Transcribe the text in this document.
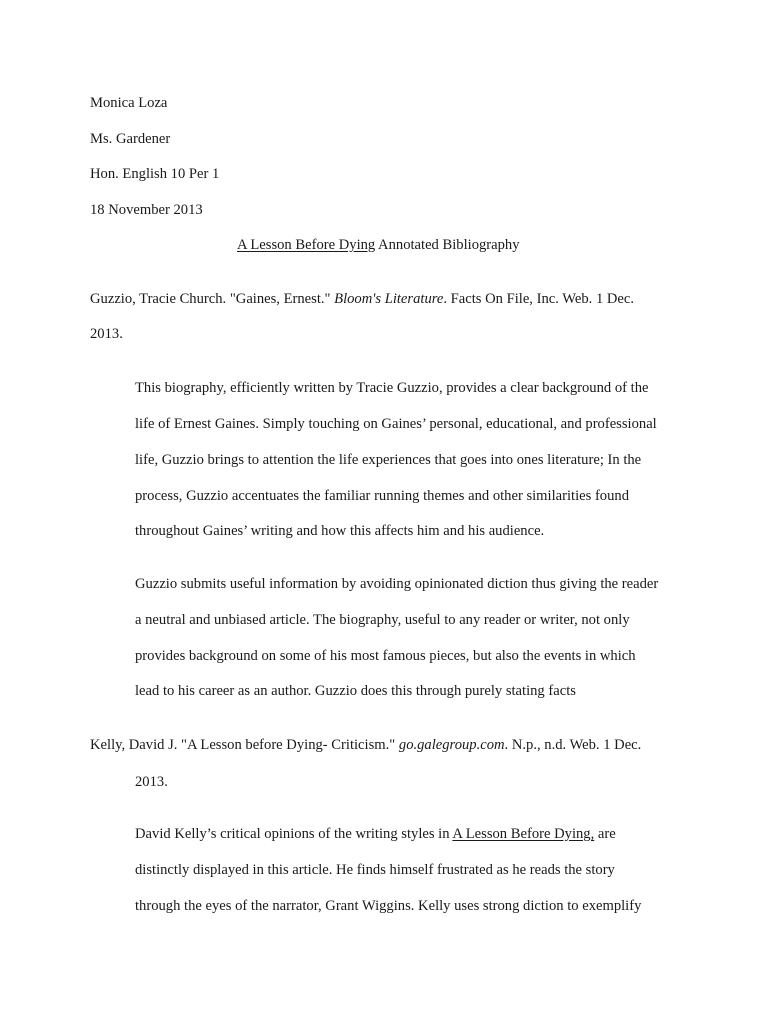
Monica Loza
Ms. Gardener
Hon. English 10 Per 1
18 November 2013
A Lesson Before Dying Annotated Bibliography
Guzzio, Tracie Church. "Gaines, Ernest." Bloom's Literature. Facts On File, Inc. Web. 1 Dec.
2013.
This biography, efficiently written by Tracie Guzzio, provides a clear background of the
life of Ernest Gaines. Simply touching on Gaines’ personal, educational, and professional
life, Guzzio brings to attention the life experiences that goes into ones literature; In the
process, Guzzio accentuates the familiar running themes and other similarities found
throughout Gaines’ writing and how this affects him and his audience.
Guzzio submits useful information by avoiding opinionated diction thus giving the reader
a neutral and unbiased article. The biography, useful to any reader or writer, not only
provides background on some of his most famous pieces, but also the events in which
lead to his career as an author. Guzzio does this through purely stating facts
Kelly, David J. "A Lesson before Dying- Criticism." go.galegroup.com. N.p., n.d. Web. 1 Dec.
2013.
David Kelly’s critical opinions of the writing styles in A Lesson Before Dying, are
distinctly displayed in this article. He finds himself frustrated as he reads the story
through the eyes of the narrator, Grant Wiggins. Kelly uses strong diction to exemplify
